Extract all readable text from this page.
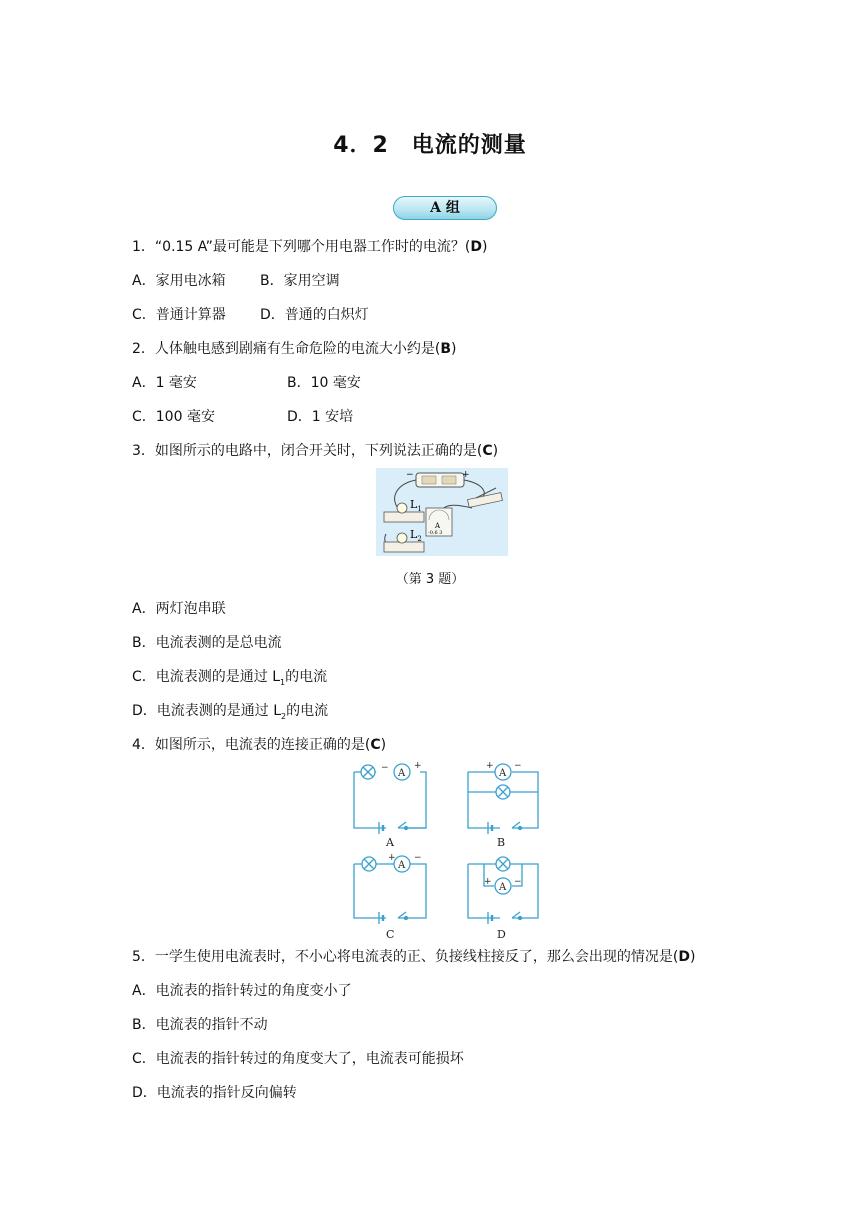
4．2　电流的测量
A 组
1．“0.15 A”最可能是下列哪个用电器工作时的电流？(D)
A．家用电冰箱 B．家用空调
C．普通计算器 D．普通的白炽灯
2．人体触电感到剧痛有生命危险的电流大小约是(B)
A．1 毫安	B．10 毫安
C．100 毫安	D．1 安培
3．如图所示的电路中，闭合开关时，下列说法正确的是(C)
−	+
$L_1$
$L_2$
A
-0.6 3
（第 3 题）
A．两灯泡串联
B．电流表测的是总电流
C．电流表测的是通过 $L_1$的电流
D．电流表测的是通过 $L_2$的电流
4．如图所示，电流表的连接正确的是(C)
A	A
A
A
−	+	+ −
+ −
+ −
A	B
C	D
5．一学生使用电流表时，不小心将电流表的正、负接线柱接反了，那么会出现的情况是(D)
A．电流表的指针转过的角度变小了
B．电流表的指针不动
C．电流表的指针转过的角度变大了，电流表可能损坏
D．电流表的指针反向偏转
